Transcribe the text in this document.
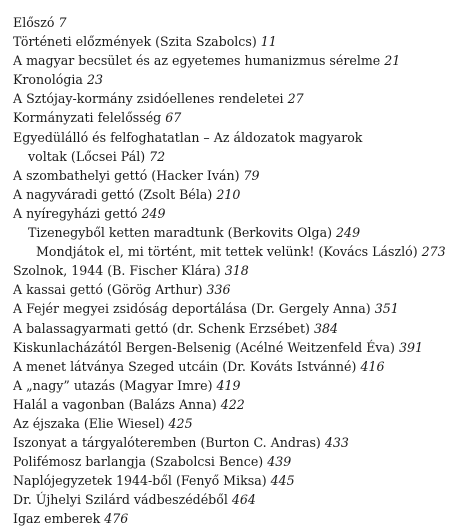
Előszó 7
Történeti előzmények (Szita Szabolcs) 11
A magyar becsület és az egyetemes humanizmus sérelme 21
Kronológia 23
A Sztójay-kormány zsidóellenes rendeletei 27
Kormányzati felelősség 67
Egyedülálló és felfoghatatlan – Az áldozatok magyarok
voltak (Lőcsei Pál) 72
A szombathelyi gettó (Hacker Iván) 79
A nagyváradi gettó (Zsolt Béla) 210
A nyíregyházi gettó 249
Tizenegyből ketten maradtunk (Berkovits Olga) 249
Mondjátok el, mi történt, mit tettek velünk! (Kovács László) 273
Szolnok, 1944 (B. Fischer Klára) 318
A kassai gettó (Görög Arthur) 336
A Fejér megyei zsidóság deportálása (Dr. Gergely Anna) 351
A balassagyarmati gettó (dr. Schenk Erzsébet) 384
Kiskunlacházától Bergen-Belsenig (Acélné Weitzenfeld Éva) 391
A menet látványa Szeged utcáin (Dr. Kováts Istvánné) 416
A „nagy” utazás (Magyar Imre) 419
Halál a vagonban (Balázs Anna) 422
Az éjszaka (Elie Wiesel) 425
Iszonyat a tárgyalóteremben (Burton C. Andras) 433
Polifémosz barlangja (Szabolcsi Bence) 439
Naplójegyzetek 1944-ből (Fenyő Miksa) 445
Dr. Újhelyi Szilárd vádbeszédéből 464
Igaz emberek 476
